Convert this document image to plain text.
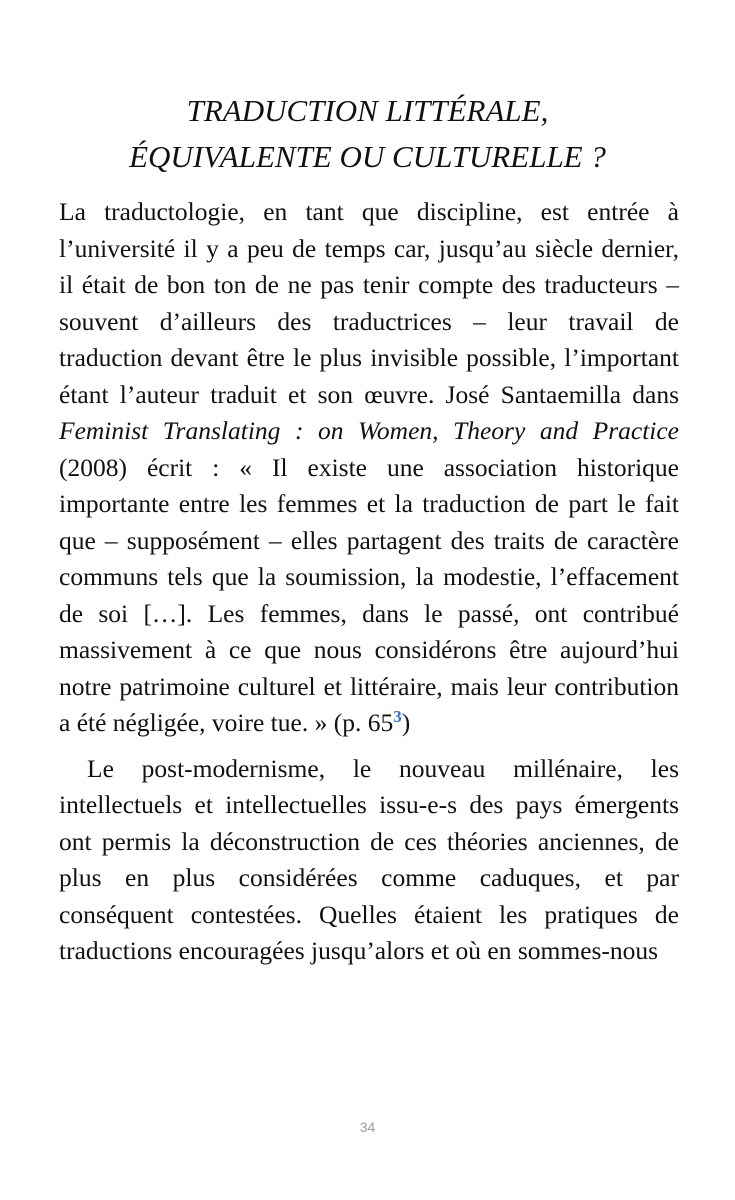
TRADUCTION LITTÉRALE,
ÉQUIVALENTE OU CULTURELLE ?

La traductologie, en tant que discipline, est entrée à l’université il y a peu de temps car, jusqu’au siècle dernier, il était de bon ton de ne pas tenir compte des traducteurs – souvent d’ailleurs des traductrices – leur travail de traduction devant être le plus invisible possible, l’important étant l’auteur traduit et son œuvre. José Santaemilla dans Feminist Translating : on Women, Theory and Practice (2008) écrit : « Il existe une association historique importante entre les femmes et la traduction de part le fait que – supposément – elles partagent des traits de caractère communs tels que la soumission, la modestie, l’effacement de soi […]. Les femmes, dans le passé, ont contribué massivement à ce que nous considérons être aujourd’hui notre patrimoine culturel et littéraire, mais leur contribution a été négligée, voire tue. » (p. 65$^3$)

Le post-modernisme, le nouveau millénaire, les intellectuels et intellectuelles issu-e-s des pays émergents ont permis la déconstruction de ces théories anciennes, de plus en plus considérées comme caduques, et par conséquent contestées. Quelles étaient les pratiques de traductions encouragées jusqu’alors et où en sommes-nous

34
